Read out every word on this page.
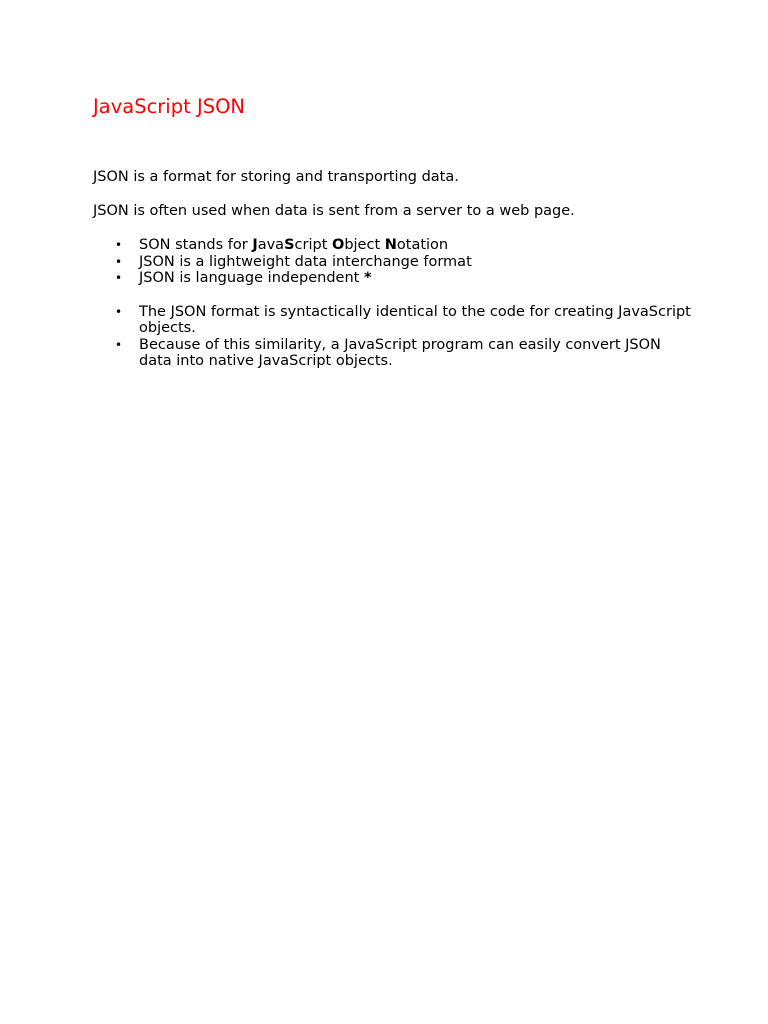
JavaScript JSON

JSON is a format for storing and transporting data.

JSON is often used when data is sent from a server to a web page.

• SON stands for JavaScript Object Notation
• JSON is a lightweight data interchange format
• JSON is language independent *
• The JSON format is syntactically identical to the code for creating JavaScript objects.
• Because of this similarity, a JavaScript program can easily convert JSON data into native JavaScript objects.
